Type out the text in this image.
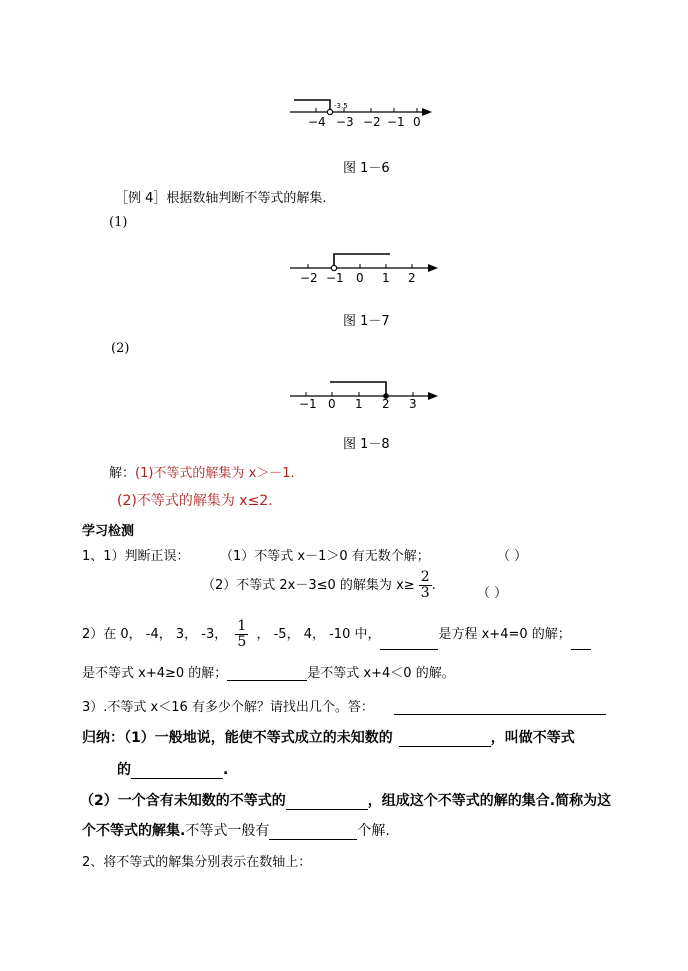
-3.5
−4 −3 −2 −1 0
图 1－6
［例 4］根据数轴判断不等式的解集.
(1)
−2 −1 0 1 2
图 1－7
(2)
−1 0 1 2 3
图 1－8
解：(1)不等式的解集为 x＞－1.
(2)不等式的解集为 x≤2.
学习检测
1、1）判断正误： （1）不等式 x－1＞0 有无数个解；	（ ）
（2）不等式 2x－3≤0 的解集为 $x\ge \frac{2}{3}$ .
（ ）
2）在 0， -4， 3， -3， $\frac{1}{5}$ ， -5， 4， -10 中，	是方程 x+4=0 的解；
是不等式 x+4≥0 的解；	是不等式 x+4＜0 的解。
3）.不等式 x＜16 有多少个解？请找出几个。答：
归纳：（1）一般地说，能使不等式成立的未知数的	，叫做不等式
的	.
（2）一个含有未知数的不等式的	，组成这个不等式的解的集合.简称为这
个不等式的解集.不等式一般有	个解.
2、将不等式的解集分别表示在数轴上：
